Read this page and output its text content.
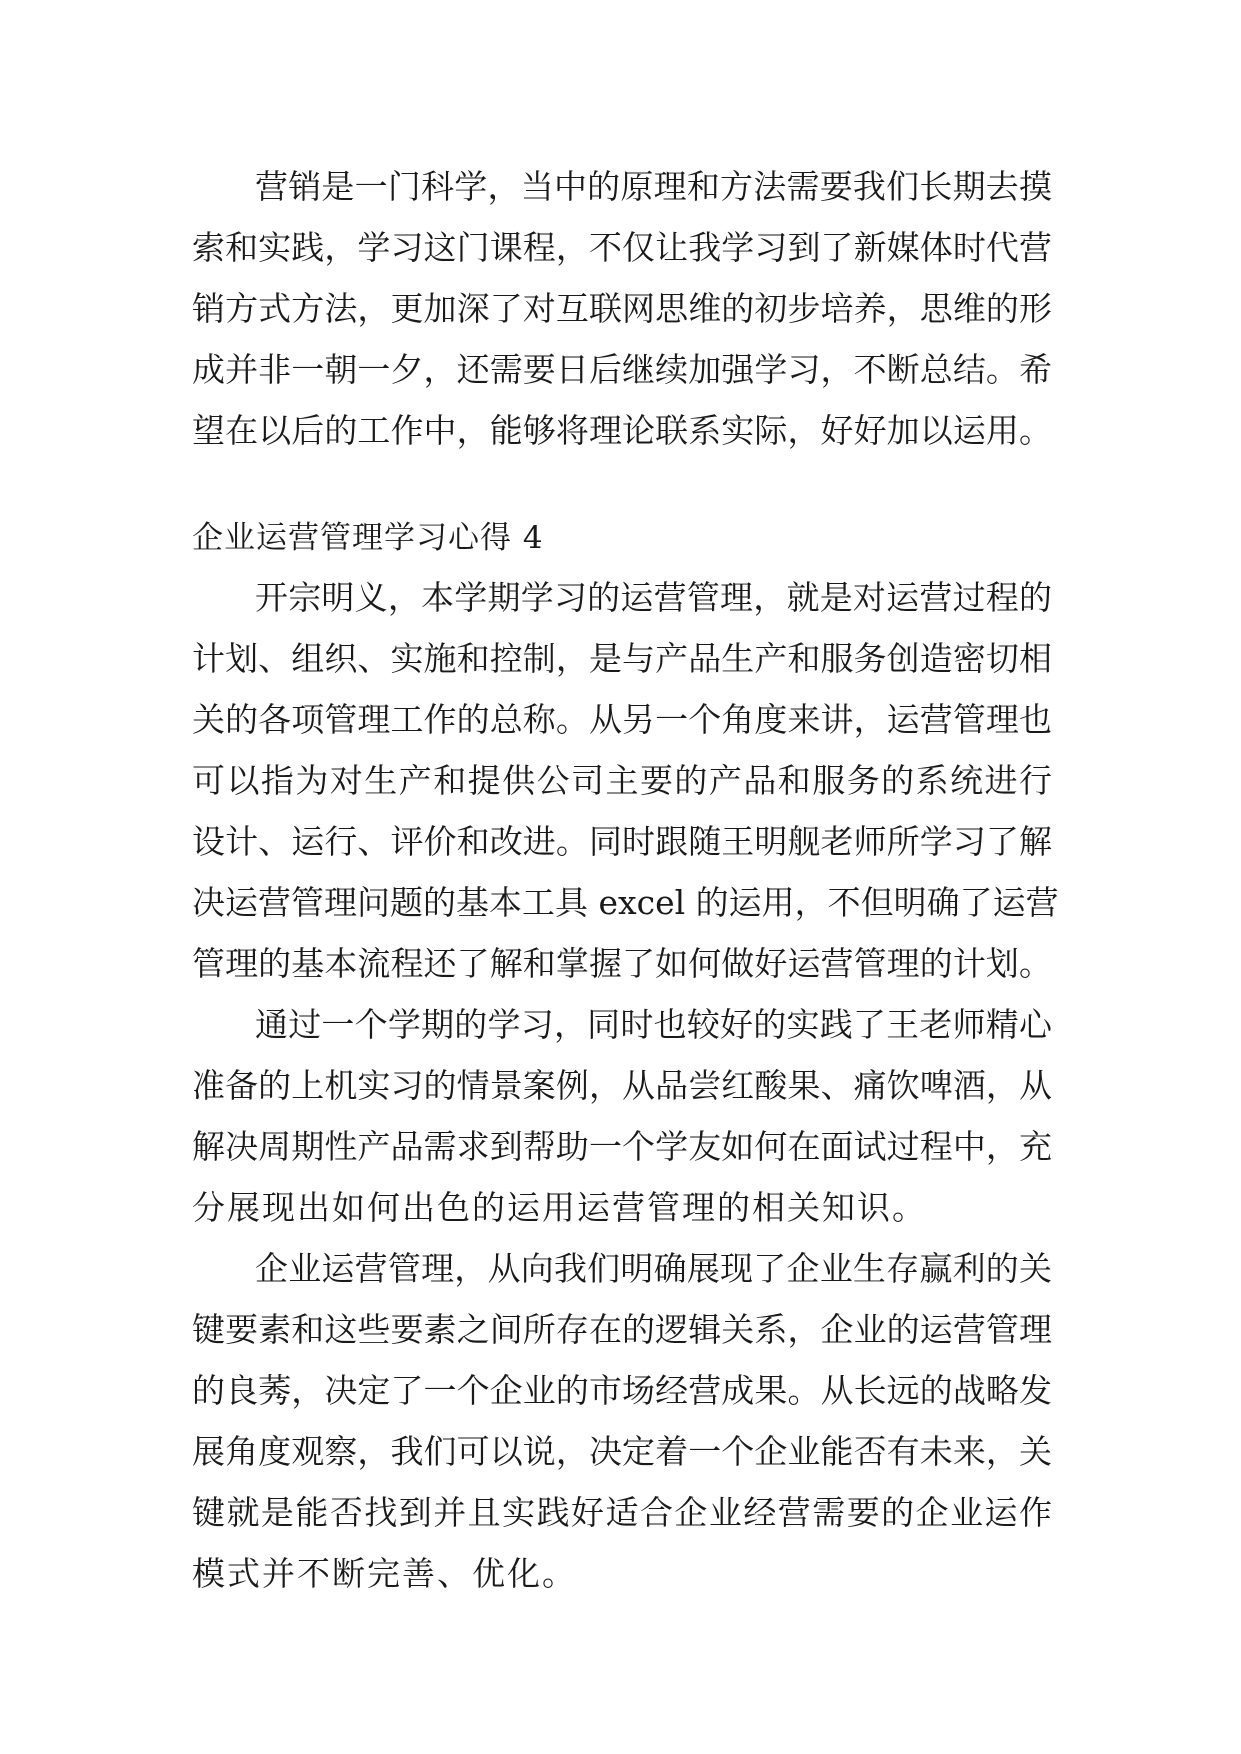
营销是一门科学，当中的原理和方法需要我们长期去摸
索和实践，学习这门课程，不仅让我学习到了新媒体时代营
销方式方法，更加深了对互联网思维的初步培养，思维的形
成并非一朝一夕，还需要日后继续加强学习，不断总结。希
望在以后的工作中，能够将理论联系实际，好好加以运用。
企业运营管理学习心得 4
开宗明义，本学期学习的运营管理，就是对运营过程的
计划、组织、实施和控制，是与产品生产和服务创造密切相
关的各项管理工作的总称。从另一个角度来讲，运营管理也
可以指为对生产和提供公司主要的产品和服务的系统进行
设计、运行、评价和改进。同时跟随王明舰老师所学习了解
决运营管理问题的基本工具 excel 的运用，不但明确了运营
管理的基本流程还了解和掌握了如何做好运营管理的计划。
通过一个学期的学习，同时也较好的实践了王老师精心
准备的上机实习的情景案例，从品尝红酸果、痛饮啤酒，从
解决周期性产品需求到帮助一个学友如何在面试过程中，充
分展现出如何出色的运用运营管理的相关知识。
企业运营管理，从向我们明确展现了企业生存赢利的关
键要素和这些要素之间所存在的逻辑关系，企业的运营管理
的良莠，决定了一个企业的市场经营成果。从长远的战略发
展角度观察，我们可以说，决定着一个企业能否有未来，关
键就是能否找到并且实践好适合企业经营需要的企业运作
模式并不断完善、优化。
